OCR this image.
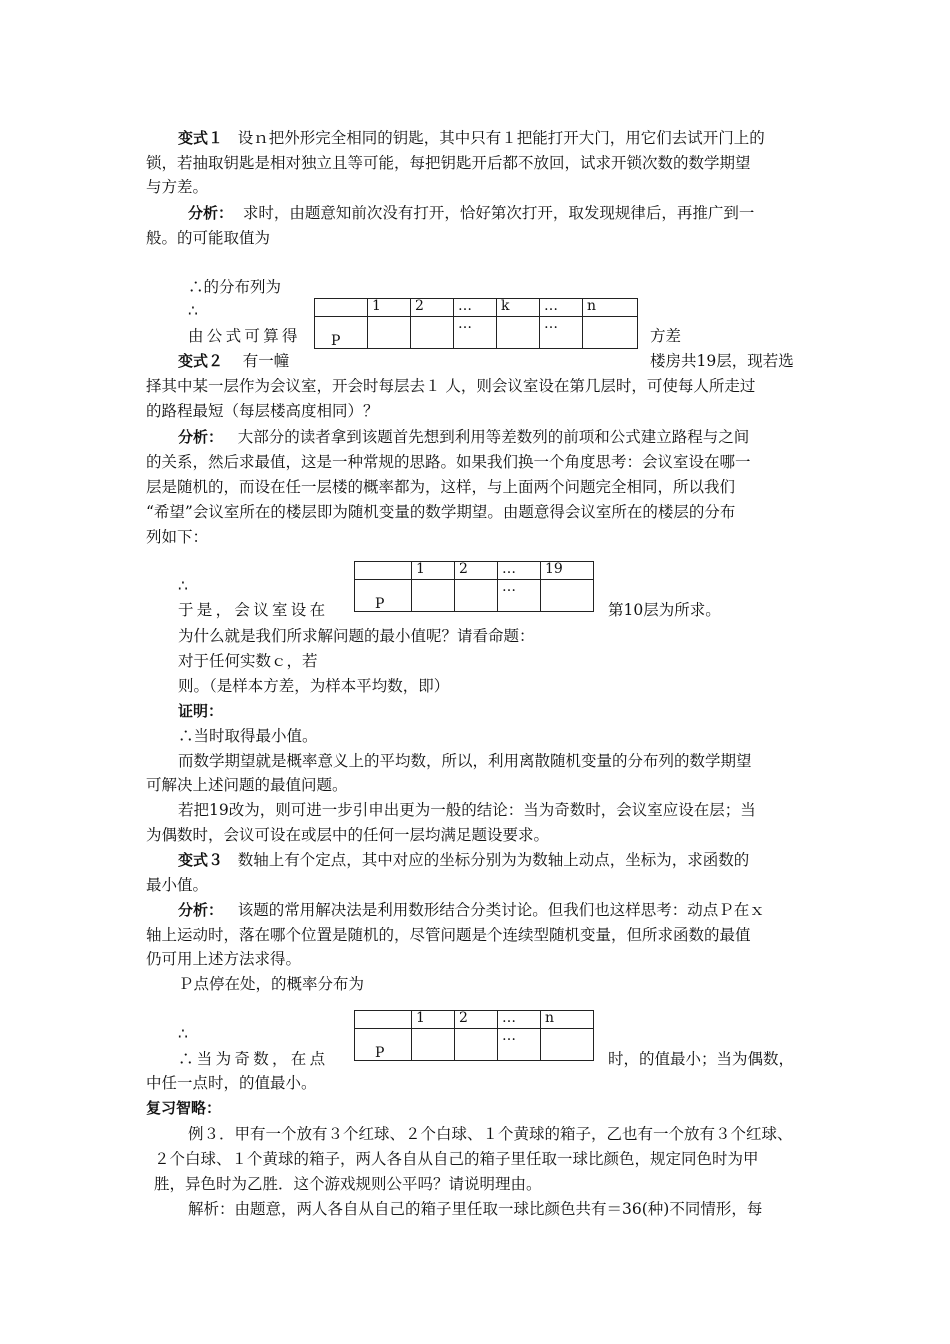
变式１ 设ｎ把外形完全相同的钥匙，其中只有１把能打开大门，用它们去试开门上的
锁，若抽取钥匙是相对独立且等可能，每把钥匙开后都不放回，试求开锁次数的数学期望
与方差。
分析： 求时，由题意知前次没有打开，恰好第次打开，取发现规律后，再推广到一
般。的可能取值为
∴的分布列为
∴
由公式可算得	方差
	1	2	…	k	…	n
P			…		…	
变式２ 有一幢	楼房共19层，现若选
择其中某一层作为会议室，开会时每层去１ 人，则会议室设在第几层时，可使每人所走过
的路程最短（每层楼高度相同）？
分析： 大部分的读者拿到该题首先想到利用等差数列的前项和公式建立路程与之间
的关系，然后求最值，这是一种常规的思路。如果我们换一个角度思考：会议室设在哪一
层是随机的，而设在任一层楼的概率都为，这样，与上面两个问题完全相同，所以我们
“希望”会议室所在的楼层即为随机变量的数学期望。由题意得会议室所在的楼层的分布
列如下：
∴
于是，会议室设在	第10层为所求。
	1	2	…	19
P			…	
为什么就是我们所求解问题的最小值呢？请看命题：
对于任何实数ｃ，若
则。（是样本方差，为样本平均数，即）
证明：
∴当时取得最小值。
而数学期望就是概率意义上的平均数，所以，利用离散随机变量的分布列的数学期望
可解决上述问题的最值问题。
若把19改为，则可进一步引申出更为一般的结论：当为奇数时，会议室应设在层；当
为偶数时，会议可设在或层中的任何一层均满足题设要求。
变式３ 数轴上有个定点，其中对应的坐标分别为为数轴上动点，坐标为，求函数的
最小值。
分析： 该题的常用解决法是利用数形结合分类讨论。但我们也这样思考：动点Ｐ在ｘ
轴上运动时，落在哪个位置是随机的，尽管问题是个连续型随机变量，但所求函数的最值
仍可用上述方法求得。
Ｐ点停在处，的概率分布为
∴
∴当为奇数，在点	时，的值最小；当为偶数，
中任一点时，的值最小。
	1	2	…	n
P			…	
复习智略：
例３．甲有一个放有３个红球、２个白球、１个黄球的箱子，乙也有一个放有３个红球、
２个白球、１个黄球的箱子，两人各自从自己的箱子里任取一球比颜色，规定同色时为甲
胜，异色时为乙胜．这个游戏规则公平吗？请说明理由。
解析：由题意，两人各自从自己的箱子里任取一球比颜色共有＝36(种)不同情形，每
